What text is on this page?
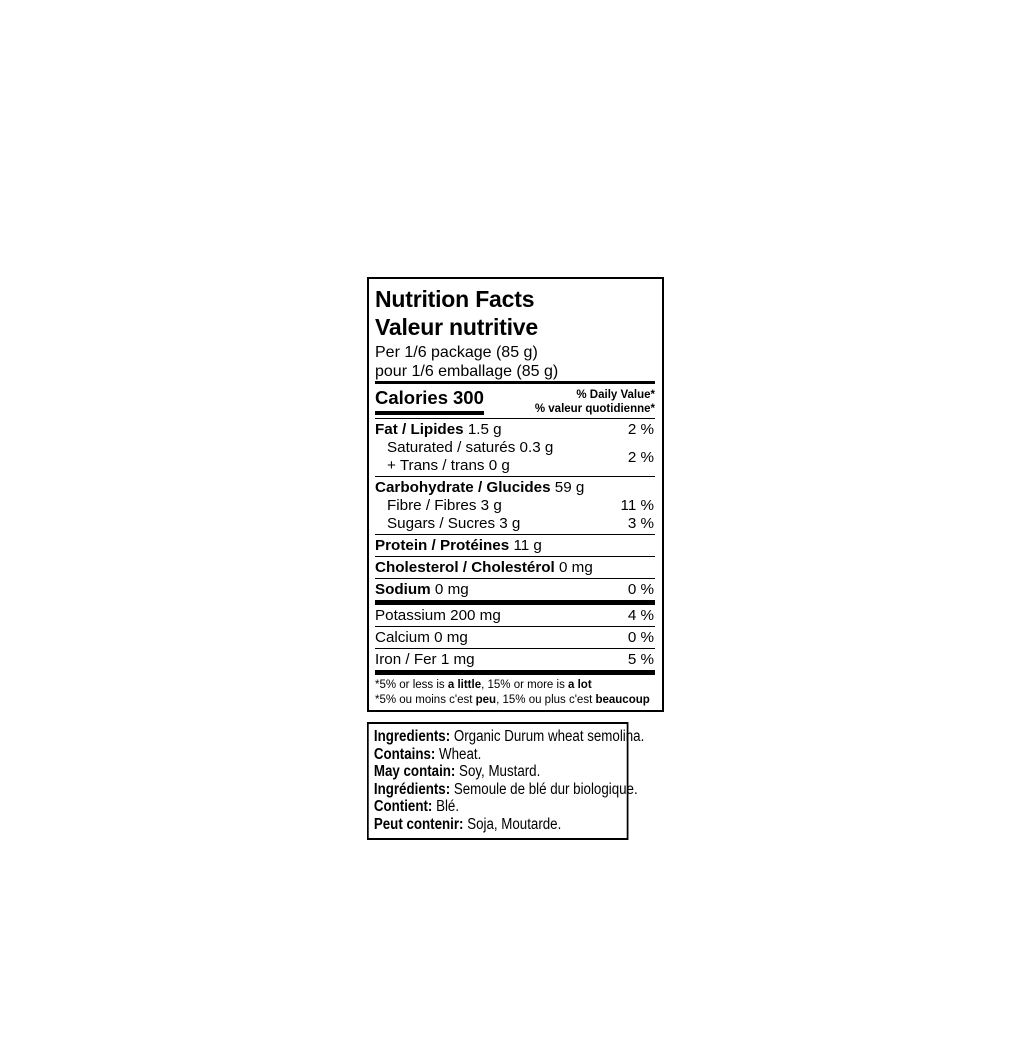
Nutrition Facts
Valeur nutritive
Per 1/6 package (85 g)
pour 1/6 emballage (85 g)
Calories 300	% Daily Value*
% valeur quotidienne*
Fat / Lipides 1.5 g	2 %
Saturated / saturés 0.3 g
+ Trans / trans 0 g	2 %
Carbohydrate / Glucides 59 g
Fibre / Fibres 3 g	11 %
Sugars / Sucres 3 g	3 %
Protein / Protéines 11 g
Cholesterol / Cholestérol 0 mg
Sodium 0 mg	0 %
Potassium 200 mg	4 %
Calcium 0 mg	0 %
Iron / Fer 1 mg	5 %
*5% or less is a little, 15% or more is a lot
*5% ou moins c'est peu, 15% ou plus c'est beaucoup
Ingredients: Organic Durum wheat semolina.
Contains: Wheat.
May contain: Soy, Mustard.
Ingrédients: Semoule de blé dur biologique.
Contient: Blé.
Peut contenir: Soja, Moutarde.
